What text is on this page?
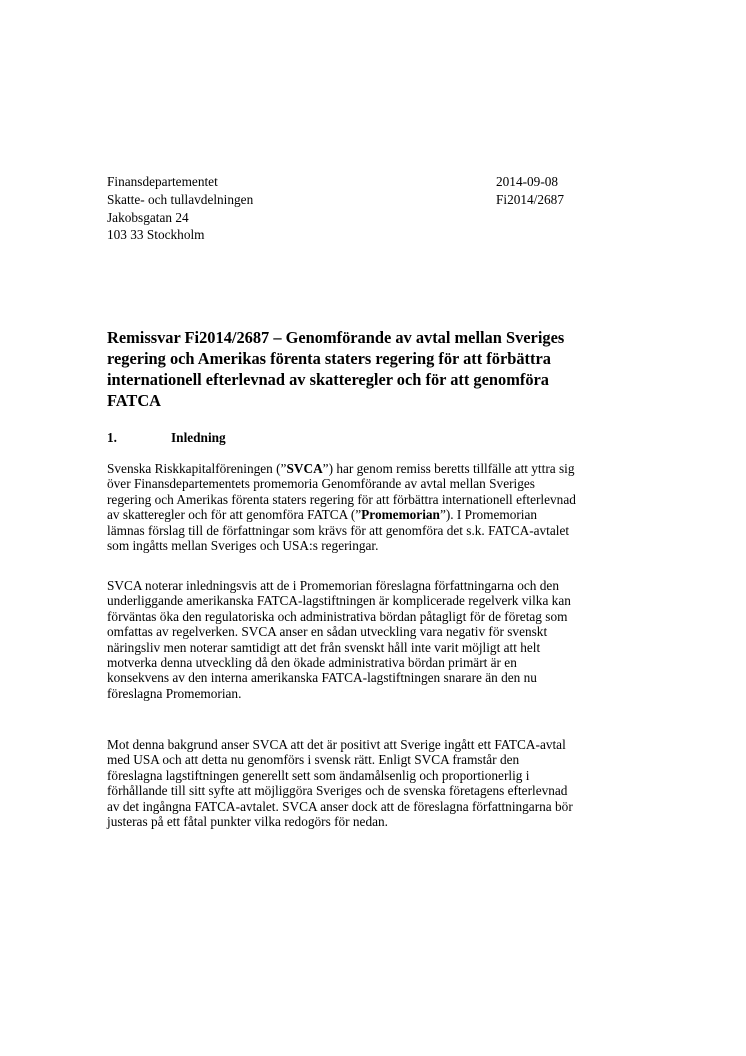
Finansdepartementet
Skatte- och tullavdelningen
Jakobsgatan 24
103 33 Stockholm
2014-09-08
Fi2014/2687
Remissvar Fi2014/2687 – Genomförande av avtal mellan Sveriges
regering och Amerikas förenta staters regering för att förbättra
internationell efterlevnad av skatteregler och för att genomföra
FATCA
1.	Inledning
Svenska Riskkapitalföreningen (”SVCA”) har genom remiss beretts tillfälle att yttra sig
över Finansdepartementets promemoria Genomförande av avtal mellan Sveriges
regering och Amerikas förenta staters regering för att förbättra internationell efterlevnad
av skatteregler och för att genomföra FATCA (”Promemorian”). I Promemorian
lämnas förslag till de författningar som krävs för att genomföra det s.k. FATCA-avtalet
som ingåtts mellan Sveriges och USA:s regeringar.
SVCA noterar inledningsvis att de i Promemorian föreslagna författningarna och den
underliggande amerikanska FATCA-lagstiftningen är komplicerade regelverk vilka kan
förväntas öka den regulatoriska och administrativa bördan påtagligt för de företag som
omfattas av regelverken. SVCA anser en sådan utveckling vara negativ för svenskt
näringsliv men noterar samtidigt att det från svenskt håll inte varit möjligt att helt
motverka denna utveckling då den ökade administrativa bördan primärt är en
konsekvens av den interna amerikanska FATCA-lagstiftningen snarare än den nu
föreslagna Promemorian.
Mot denna bakgrund anser SVCA att det är positivt att Sverige ingått ett FATCA-avtal
med USA och att detta nu genomförs i svensk rätt. Enligt SVCA framstår den
föreslagna lagstiftningen generellt sett som ändamålsenlig och proportionerlig i
förhållande till sitt syfte att möjliggöra Sveriges och de svenska företagens efterlevnad
av det ingångna FATCA-avtalet. SVCA anser dock att de föreslagna författningarna bör
justeras på ett fåtal punkter vilka redogörs för nedan.
